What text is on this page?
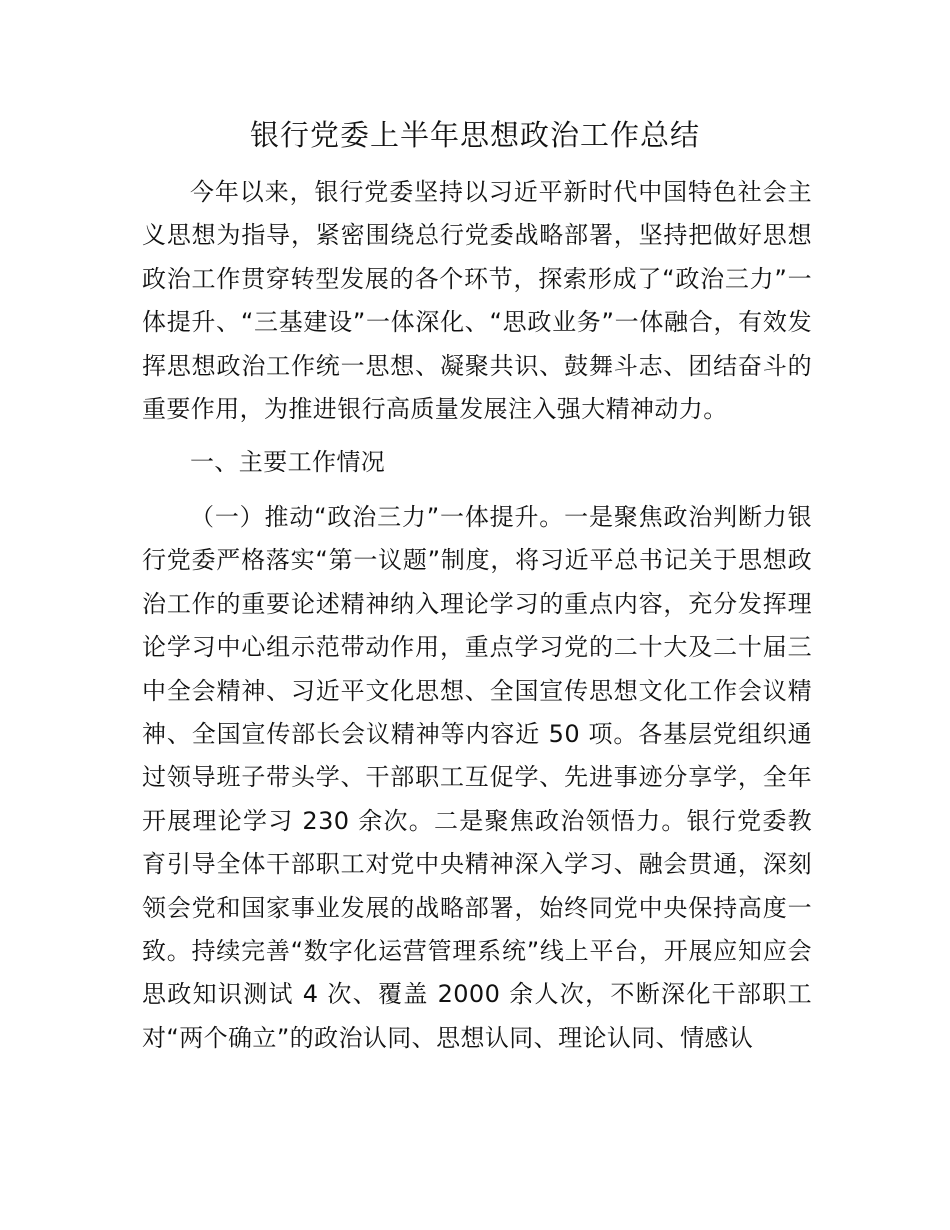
银行党委上半年思想政治工作总结

今年以来，银行党委坚持以习近平新时代中国特色社会主义思想为指导，紧密围绕总行党委战略部署，坚持把做好思想政治工作贯穿转型发展的各个环节，探索形成了“政治三力”一体提升、“三基建设”一体深化、“思政业务”一体融合，有效发挥思想政治工作统一思想、凝聚共识、鼓舞斗志、团结奋斗的重要作用，为推进银行高质量发展注入强大精神动力。

一、主要工作情况

（一）推动“政治三力”一体提升。一是聚焦政治判断力银行党委严格落实“第一议题”制度，将习近平总书记关于思想政治工作的重要论述精神纳入理论学习的重点内容，充分发挥理论学习中心组示范带动作用，重点学习党的二十大及二十届三中全会精神、习近平文化思想、全国宣传思想文化工作会议精神、全国宣传部长会议精神等内容近 50 项。各基层党组织通过领导班子带头学、干部职工互促学、先进事迹分享学，全年开展理论学习 230 余次。二是聚焦政治领悟力。银行党委教育引导全体干部职工对党中央精神深入学习、融会贯通，深刻领会党和国家事业发展的战略部署，始终同党中央保持高度一致。持续完善“数字化运营管理系统”线上平台，开展应知应会思政知识测试 4 次、覆盖 2000 余人次，不断深化干部职工对“两个确立”的政治认同、思想认同、理论认同、情感认
